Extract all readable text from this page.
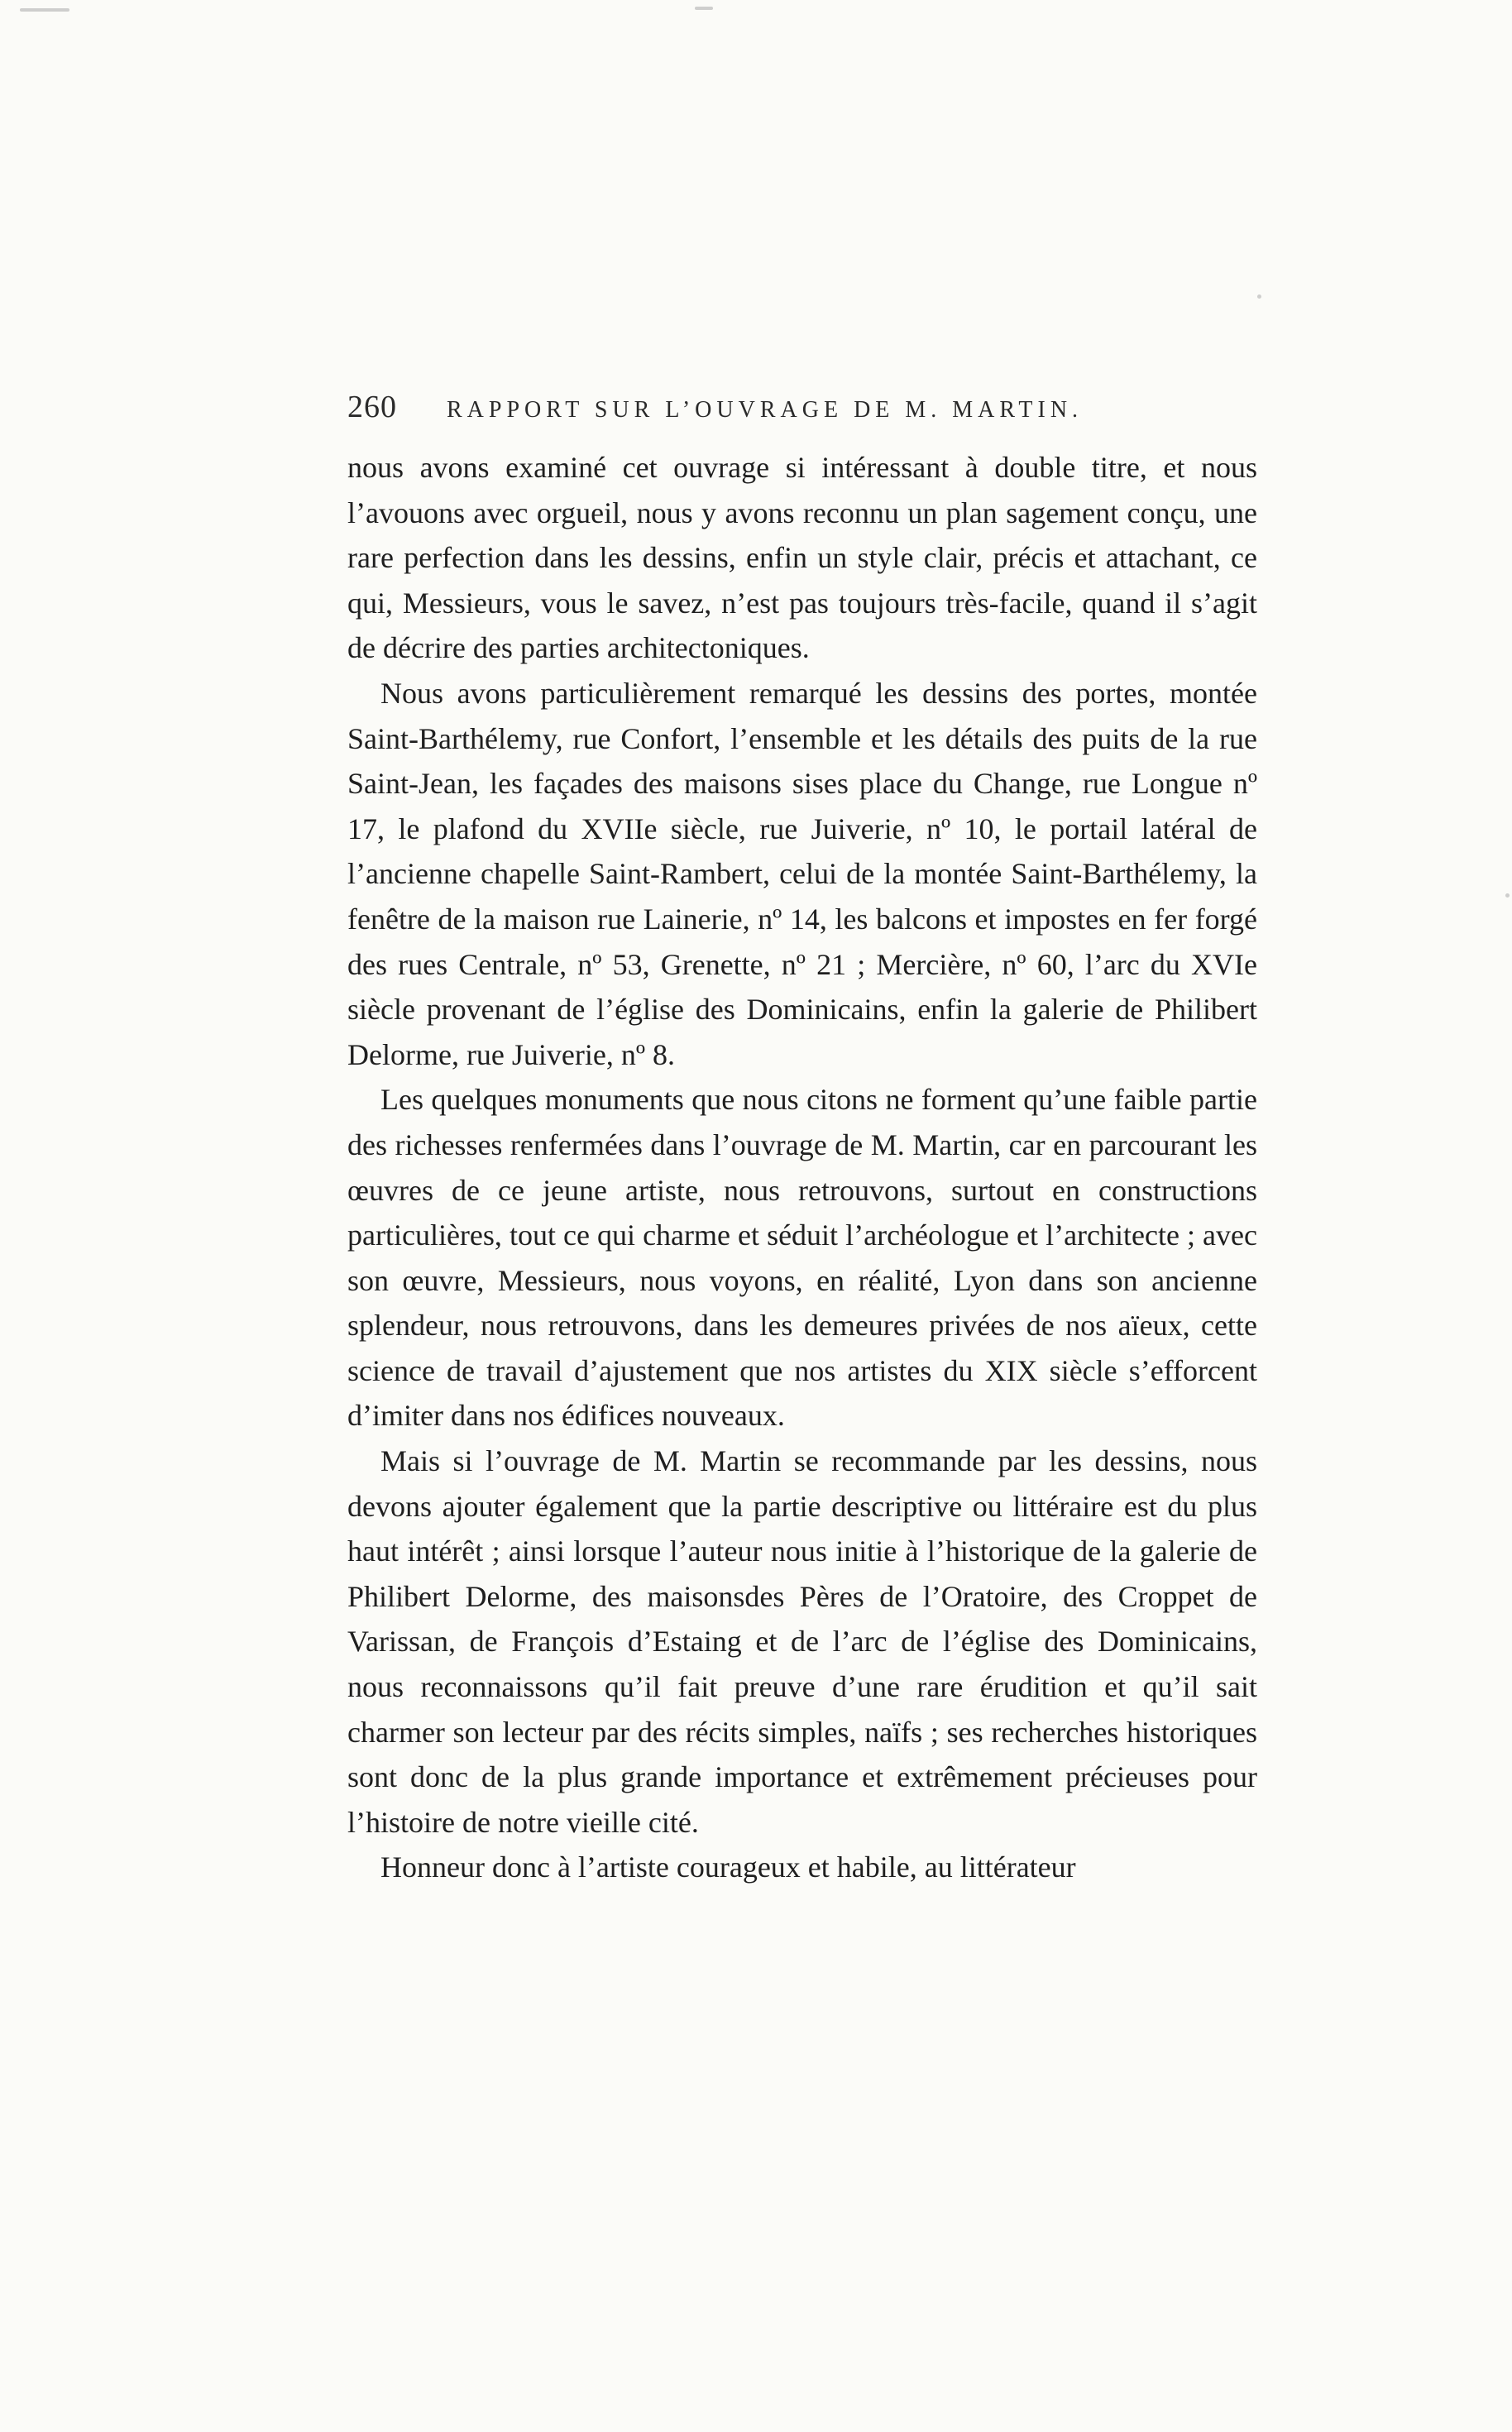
260 RAPPORT SUR L’OUVRAGE DE M. MARTIN.

nous avons examiné cet ouvrage si intéressant à double titre, et nous l’avouons avec orgueil, nous y avons reconnu un plan sagement conçu, une rare perfection dans les dessins, enfin un style clair, précis et attachant, ce qui, Messieurs, vous le savez, n’est pas toujours très-facile, quand il s’agit de décrire des parties architectoniques.

Nous avons particulièrement remarqué les dessins des portes, montée Saint-Barthélemy, rue Confort, l’ensemble et les détails des puits de la rue Saint-Jean, les façades des maisons sises place du Change, rue Longue nº 17, le plafond du XVIIe siècle, rue Juiverie, nº 10, le portail latéral de l’ancienne chapelle Saint-Rambert, celui de la montée Saint-Barthélemy, la fenêtre de la maison rue Lainerie, nº 14, les balcons et impostes en fer forgé des rues Centrale, nº 53, Grenette, nº 21 ; Mercière, nº 60, l’arc du XVIe siècle provenant de l’église des Dominicains, enfin la galerie de Philibert Delorme, rue Juiverie, nº 8.

Les quelques monuments que nous citons ne forment qu’une faible partie des richesses renfermées dans l’ouvrage de M. Martin, car en parcourant les œuvres de ce jeune artiste, nous retrouvons, surtout en constructions particulières, tout ce qui charme et séduit l’archéologue et l’architecte ; avec son œuvre, Messieurs, nous voyons, en réalité, Lyon dans son ancienne splendeur, nous retrouvons, dans les demeures privées de nos aïeux, cette science de travail d’ajustement que nos artistes du XIX siècle s’efforcent d’imiter dans nos édifices nouveaux.

Mais si l’ouvrage de M. Martin se recommande par les dessins, nous devons ajouter également que la partie descriptive ou littéraire est du plus haut intérêt ; ainsi lorsque l’auteur nous initie à l’historique de la galerie de Philibert Delorme, des maisonsdes Pères de l’Oratoire, des Croppet de Varissan, de François d’Estaing et de l’arc de l’église des Dominicains, nous reconnaissons qu’il fait preuve d’une rare érudition et qu’il sait charmer son lecteur par des récits simples, naïfs ; ses recherches historiques sont donc de la plus grande importance et extrêmement précieuses pour l’histoire de notre vieille cité.

Honneur donc à l’artiste courageux et habile, au littérateur
